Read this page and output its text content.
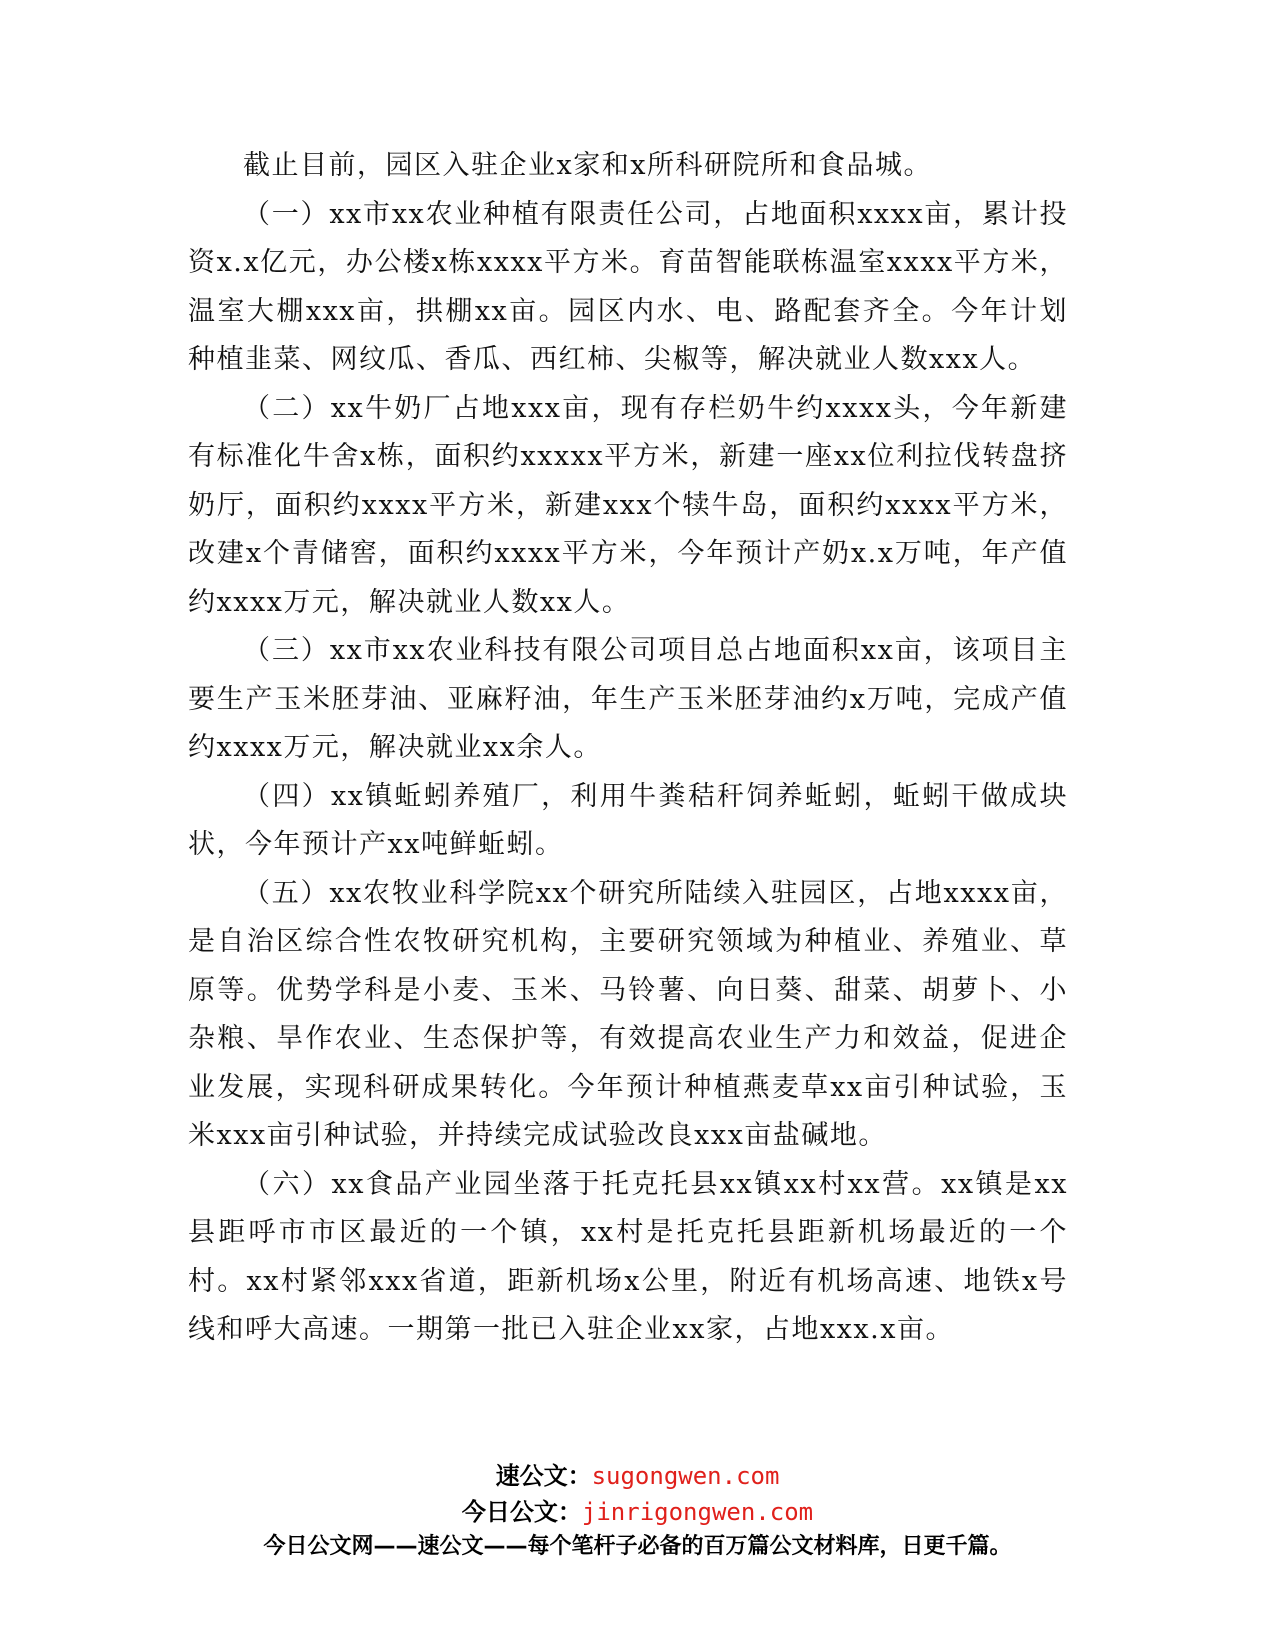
截止目前，园区入驻企业x家和x所科研院所和食品城。

（一）xx市xx农业种植有限责任公司，占地面积xxxx亩，累计投资x.x亿元，办公楼x栋xxxx平方米。育苗智能联栋温室xxxx平方米，温室大棚xxx亩，拱棚xx亩。园区内水、电、路配套齐全。今年计划种植韭菜、网纹瓜、香瓜、西红柿、尖椒等，解决就业人数xxx人。

（二）xx牛奶厂占地xxx亩，现有存栏奶牛约xxxx头，今年新建有标准化牛舍x栋，面积约xxxxx平方米，新建一座xx位利拉伐转盘挤奶厅，面积约xxxx平方米，新建xxx个犊牛岛，面积约xxxx平方米，改建x个青储窖，面积约xxxx平方米，今年预计产奶x.x万吨，年产值约xxxx万元，解决就业人数xx人。

（三）xx市xx农业科技有限公司项目总占地面积xx亩，该项目主要生产玉米胚芽油、亚麻籽油，年生产玉米胚芽油约x万吨，完成产值约xxxx万元，解决就业xx余人。

（四）xx镇蚯蚓养殖厂，利用牛粪秸秆饲养蚯蚓，蚯蚓干做成块状，今年预计产xx吨鲜蚯蚓。

（五）xx农牧业科学院xx个研究所陆续入驻园区，占地xxxx亩，是自治区综合性农牧研究机构，主要研究领域为种植业、养殖业、草原等。优势学科是小麦、玉米、马铃薯、向日葵、甜菜、胡萝卜、小杂粮、旱作农业、生态保护等，有效提高农业生产力和效益，促进企业发展，实现科研成果转化。今年预计种植燕麦草xx亩引种试验，玉米xxx亩引种试验，并持续完成试验改良xxx亩盐碱地。

（六）xx食品产业园坐落于托克托县xx镇xx村xx营。xx镇是xx县距呼市市区最近的一个镇，xx村是托克托县距新机场最近的一个村。xx村紧邻xxx省道，距新机场x公里，附近有机场高速、地铁x号线和呼大高速。一期第一批已入驻企业xx家，占地xxx.x亩。

速公文：sugongwen.com
今日公文：jinrigongwen.com
今日公文网——速公文——每个笔杆子必备的百万篇公文材料库，日更千篇。
